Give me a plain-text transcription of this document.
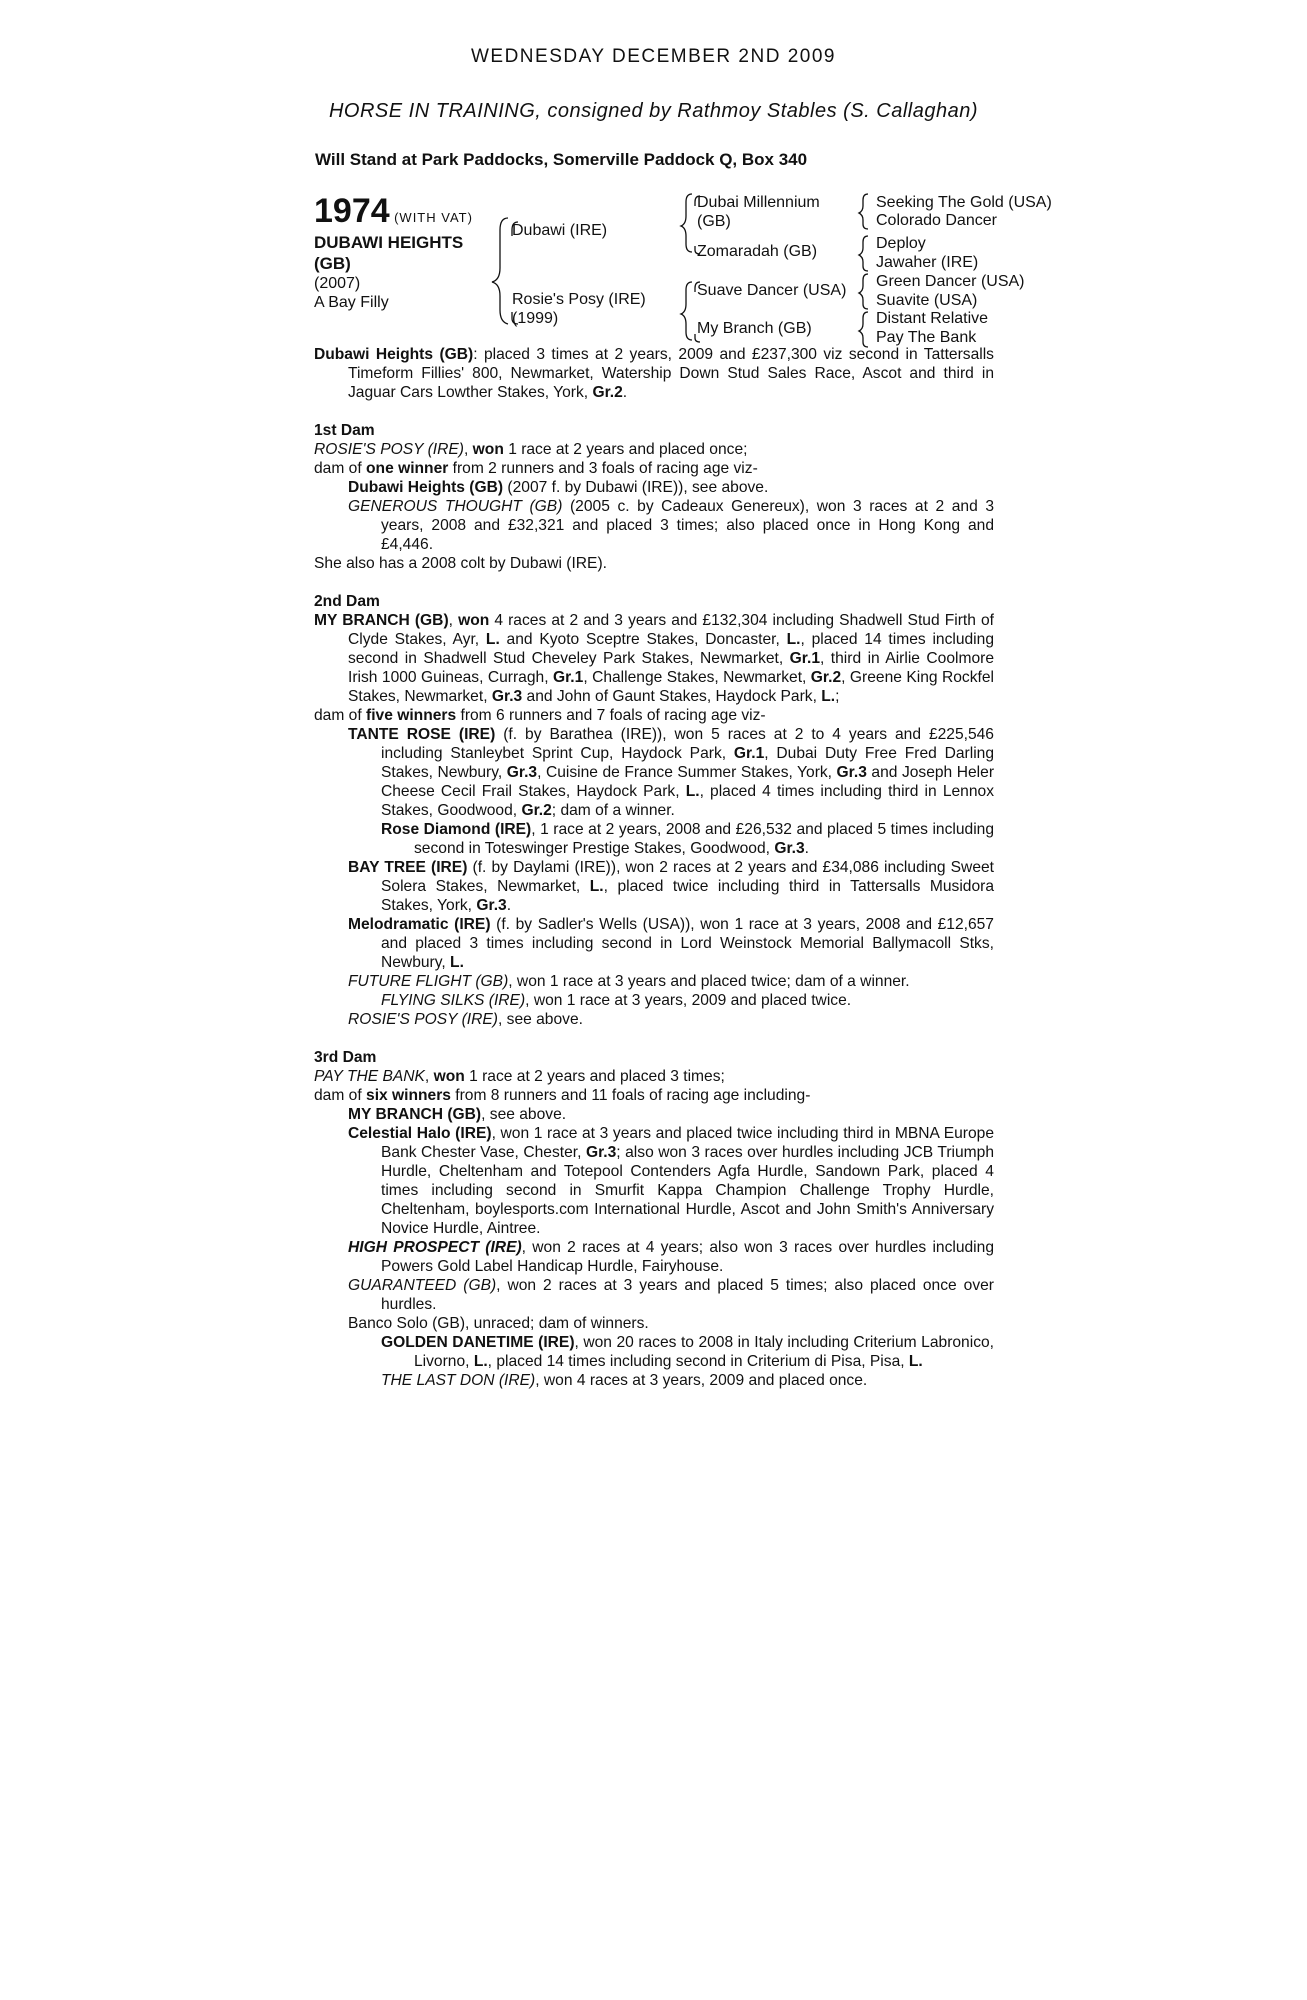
WEDNESDAY DECEMBER 2ND 2009
HORSE IN TRAINING, consigned by Rathmoy Stables (S. Callaghan)
Will Stand at Park Paddocks, Somerville Paddock Q, Box 340
1974 (WITH VAT)
DUBAWI HEIGHTS
(GB)
(2007)
A Bay Filly
Dubawi (IRE)
Rosie's Posy (IRE)
(1999)
Dubai Millennium
(GB)
Zomaradah (GB)
Suave Dancer (USA)
My Branch (GB)
Seeking The Gold (USA)
Colorado Dancer
Deploy
Jawaher (IRE)
Green Dancer (USA)
Suavite (USA)
Distant Relative
Pay The Bank

Dubawi Heights (GB): placed 3 times at 2 years, 2009 and £237,300 viz second in Tattersalls Timeform Fillies' 800, Newmarket, Watership Down Stud Sales Race, Ascot and third in Jaguar Cars Lowther Stakes, York, Gr.2.

1st Dam

ROSIE'S POSY (IRE), won 1 race at 2 years and placed once;

dam of one winner from 2 runners and 3 foals of racing age viz-

Dubawi Heights (GB) (2007 f. by Dubawi (IRE)), see above.

GENEROUS THOUGHT (GB) (2005 c. by Cadeaux Genereux), won 3 races at 2 and 3 years, 2008 and £32,321 and placed 3 times; also placed once in Hong Kong and £4,446.

She also has a 2008 colt by Dubawi (IRE).

2nd Dam

MY BRANCH (GB), won 4 races at 2 and 3 years and £132,304 including Shadwell Stud Firth of Clyde Stakes, Ayr, L. and Kyoto Sceptre Stakes, Doncaster, L., placed 14 times including second in Shadwell Stud Cheveley Park Stakes, Newmarket, Gr.1, third in Airlie Coolmore Irish 1000 Guineas, Curragh, Gr.1, Challenge Stakes, Newmarket, Gr.2, Greene King Rockfel Stakes, Newmarket, Gr.3 and John of Gaunt Stakes, Haydock Park, L.;

dam of five winners from 6 runners and 7 foals of racing age viz-

TANTE ROSE (IRE) (f. by Barathea (IRE)), won 5 races at 2 to 4 years and £225,546 including Stanleybet Sprint Cup, Haydock Park, Gr.1, Dubai Duty Free Fred Darling Stakes, Newbury, Gr.3, Cuisine de France Summer Stakes, York, Gr.3 and Joseph Heler Cheese Cecil Frail Stakes, Haydock Park, L., placed 4 times including third in Lennox Stakes, Goodwood, Gr.2; dam of a winner.

Rose Diamond (IRE), 1 race at 2 years, 2008 and £26,532 and placed 5 times including second in Toteswinger Prestige Stakes, Goodwood, Gr.3.

BAY TREE (IRE) (f. by Daylami (IRE)), won 2 races at 2 years and £34,086 including Sweet Solera Stakes, Newmarket, L., placed twice including third in Tattersalls Musidora Stakes, York, Gr.3.

Melodramatic (IRE) (f. by Sadler's Wells (USA)), won 1 race at 3 years, 2008 and £12,657 and placed 3 times including second in Lord Weinstock Memorial Ballymacoll Stks, Newbury, L.

FUTURE FLIGHT (GB), won 1 race at 3 years and placed twice; dam of a winner.

FLYING SILKS (IRE), won 1 race at 3 years, 2009 and placed twice.

ROSIE'S POSY (IRE), see above.

3rd Dam

PAY THE BANK, won 1 race at 2 years and placed 3 times;

dam of six winners from 8 runners and 11 foals of racing age including-

MY BRANCH (GB), see above.

Celestial Halo (IRE), won 1 race at 3 years and placed twice including third in MBNA Europe Bank Chester Vase, Chester, Gr.3; also won 3 races over hurdles including JCB Triumph Hurdle, Cheltenham and Totepool Contenders Agfa Hurdle, Sandown Park, placed 4 times including second in Smurfit Kappa Champion Challenge Trophy Hurdle, Cheltenham, boylesports.com International Hurdle, Ascot and John Smith's Anniversary Novice Hurdle, Aintree.

HIGH PROSPECT (IRE), won 2 races at 4 years; also won 3 races over hurdles including Powers Gold Label Handicap Hurdle, Fairyhouse.

GUARANTEED (GB), won 2 races at 3 years and placed 5 times; also placed once over hurdles.

Banco Solo (GB), unraced; dam of winners.

GOLDEN DANETIME (IRE), won 20 races to 2008 in Italy including Criterium Labronico, Livorno, L., placed 14 times including second in Criterium di Pisa, Pisa, L.

THE LAST DON (IRE), won 4 races at 3 years, 2009 and placed once.
